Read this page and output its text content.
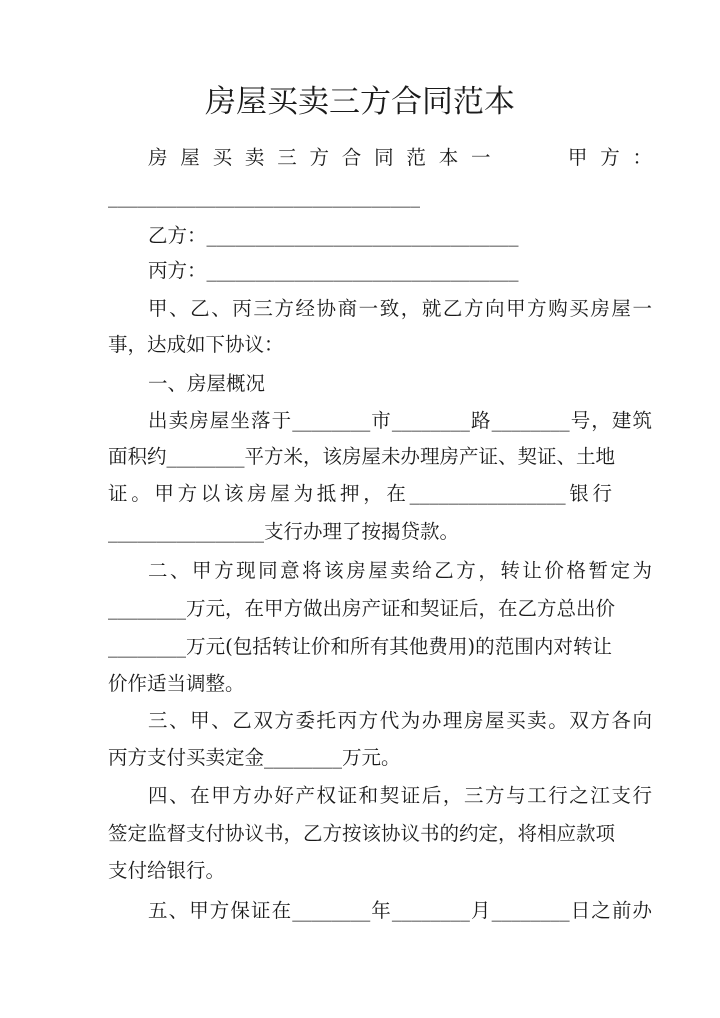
房屋买卖三方合同范本
房 屋 买 卖 三 方 合 同 范 本 一 　 　 甲 方 ：
________________________________
乙方：________________________________
丙方：________________________________
甲、乙、丙三方经协商一致，就乙方向甲方购买房屋一
事，达成如下协议：
一、房屋概况
出卖房屋坐落于________市________路________号，建筑
面积约________平方米，该房屋未办理房产证、契证、土地
证。甲方以该房屋为抵押，在________________银行
________________支行办理了按揭贷款。
二、甲方现同意将该房屋卖给乙方，转让价格暂定为
________万元，在甲方做出房产证和契证后，在乙方总出价
________万元(包括转让价和所有其他费用)的范围内对转让
价作适当调整。
三、甲、乙双方委托丙方代为办理房屋买卖。双方各向
丙方支付买卖定金________万元。
四、在甲方办好产权证和契证后，三方与工行之江支行
签定监督支付协议书，乙方按该协议书的约定，将相应款项
支付给银行。
五、甲方保证在________年________月________日之前办
